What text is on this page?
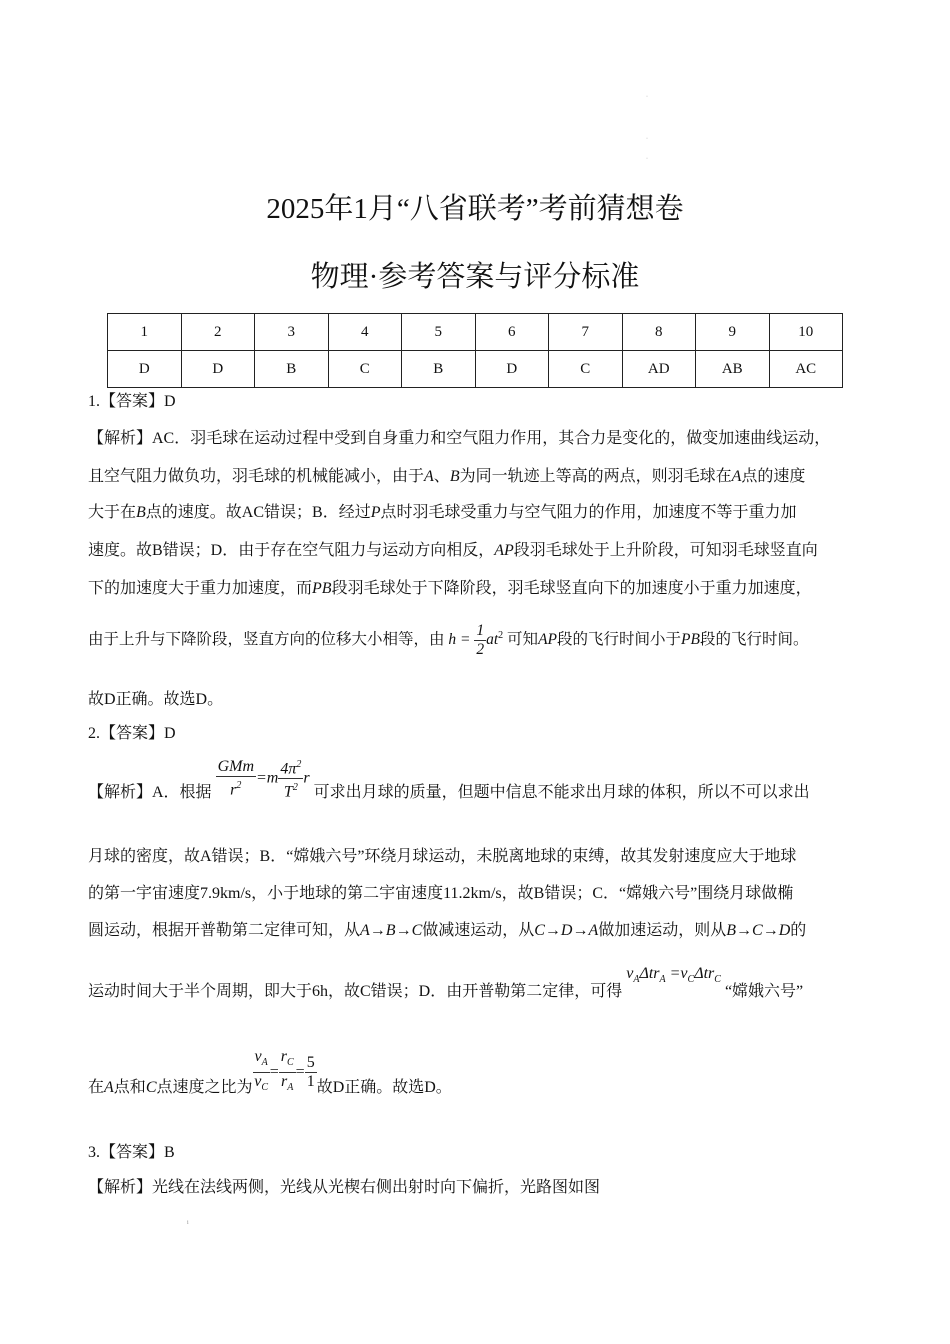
·
·
·
i
2025年1月“八省联考”考前猜想卷
物理·参考答案与评分标准
1	2	3	4	5	6	7	8	9	10
D	D	B	C	B	D	C	AD	AB	AC
1.【答案】D
【解析】AC．羽毛球在运动过程中受到自身重力和空气阻力作用，其合力是变化的，做变加速曲线运动，
且空气阻力做负功，羽毛球的机械能减小，由于A、B为同一轨迹上等高的两点，则羽毛球在A点的速度
大于在B点的速度。故AC错误；B．经过P点时羽毛球受重力与空气阻力的作用，加速度不等于重力加
速度。故B错误；D．由于存在空气阻力与运动方向相反，AP段羽毛球处于上升阶段，可知羽毛球竖直向
下的加速度大于重力加速度，而PB段羽毛球处于下降阶段，羽毛球竖直向下的加速度小于重力加速度，
由于上升与下降阶段，竖直方向的位移大小相等，由 $h = \frac{1}{2} at^2$ 可知AP段的飞行时间小于PB段的飞行时间。
故D正确。故选D。
2.【答案】D
【解析】A．根据 $\frac{\text{GMm}}{r^2} =m \frac{4\pi^2}{T^2}$ r 可求出月球的质量，但题中信息不能求出月球的体积，所以不可以求出
月球的密度，故A错误；B．“嫦娥六号”环绕月球运动，未脱离地球的束缚，故其发射速度应大于地球
的第一宇宙速度7.9km/s，小于地球的第二宇宙速度11.2km/s，故B错误；C．“嫦娥六号”围绕月球做椭
圆运动，根据开普勒第二定律可知，从A→B→C做减速运动，从C→D→A做加速运动，则从B→C→D的
运动时间大于半个周期，即大于6h，故C错误；D．由开普勒第二定律，可得 $v_A\Delta tr_A =v_C\Delta tr_C$ “嫦娥六号”
在A点和C点速度之比为 $\frac{v_A}{v_C} = \frac{r_C}{r_A} = \frac{5}{1}$ 故D正确。故选D。
3.【答案】B
【解析】光线在法线两侧，光线从光楔右侧出射时向下偏折，光路图如图
